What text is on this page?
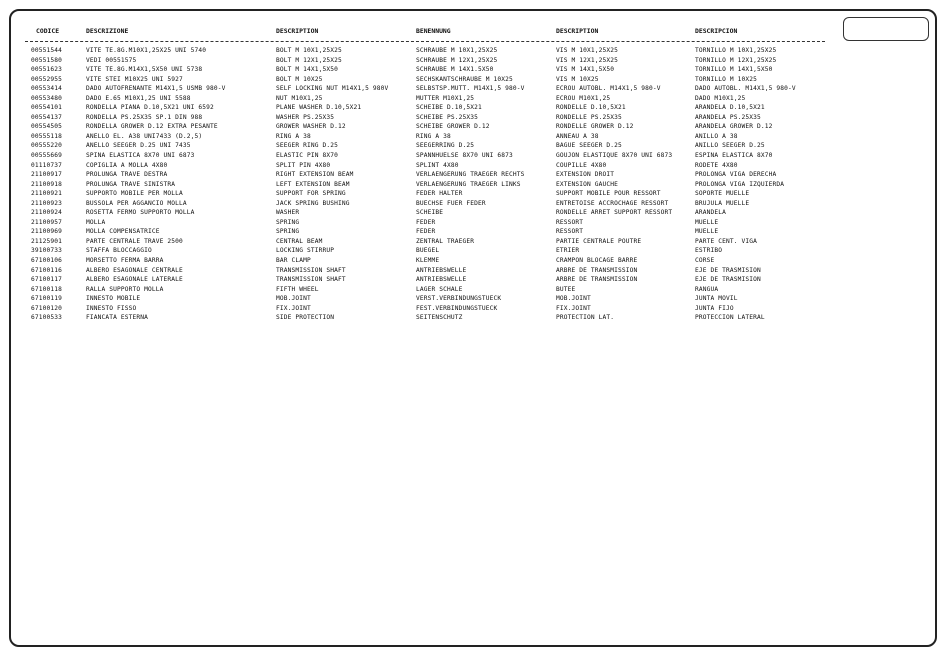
CODICE	DESCRIZIONE	DESCRIPTION	BENENNUNG	DESCRIPTION	DESCRIPCION
00551544	VITE TE.8G.M10X1,25X25 UNI 5740	BOLT M 10X1,25X25	SCHRAUBE M 10X1,25X25	VIS M 10X1,25X25	TORNILLO M 10X1,25X25
00551580	VEDI 00551575	BOLT M 12X1,25X25	SCHRAUBE M 12X1,25X25	VIS M 12X1,25X25	TORNILLO M 12X1,25X25
00551623	VITE TE.8G.M14X1,5X50 UNI 5738	BOLT M 14X1,5X50	SCHRAUBE M 14X1.5X50	VIS M 14X1,5X50	TORNILLO M 14X1,5X50
00552955	VITE STEI M10X25 UNI 5927	BOLT M 10X25	SECHSKANTSCHRAUBE M 10X25	VIS M 10X25	TORNILLO M 10X25
00553414	DADO AUTOFRENANTE M14X1,5 USMB 980-V	SELF LOCKING NUT M14X1,5 980V	SELBSTSP.MUTT. M14X1,5 980-V	ECROU AUTOBL. M14X1,5 980-V	DADO AUTOBL. M14X1,5 980-V
00553480	DADO E.65 M10X1,25 UNI 5588	NUT M10X1,25	MUTTER M10X1,25	ECROU M10X1,25	DADO M10X1,25
00554101	RONDELLA PIANA D.10,5X21 UNI 6592	PLANE WASHER D.10,5X21	SCHEIBE D.10,5X21	RONDELLE D.10,5X21	ARANDELA D.10,5X21
00554137	RONDELLA PS.25X35 SP.1 DIN 988	WASHER PS.25X35	SCHEIBE PS.25X35	RONDELLE PS.25X35	ARANDELA PS.25X35
00554505	RONDELLA GROWER D.12 EXTRA PESANTE	GROWER WASHER D.12	SCHEIBE GROWER D.12	RONDELLE GROWER D.12	ARANDELA GROWER D.12
00555118	ANELLO EL. A38 UNI7433 (D.2,5)	RING A 38	RING A 38	ANNEAU A 38	ANILLO A 38
00555220	ANELLO SEEGER D.25 UNI 7435	SEEGER RING D.25	SEEGERRING D.25	BAGUE SEEGER D.25	ANILLO SEEGER D.25
00555669	SPINA ELASTICA 8X70 UNI 6873	ELASTIC PIN 8X70	SPANNHUELSE 8X70 UNI 6873	GOUJON ELASTIQUE 8X70 UNI 6873	ESPINA ELASTICA 8X70
01110737	COPIGLIA A MOLLA 4X80	SPLIT PIN 4X80	SPLINT 4X80	COUPILLE 4X80	RODETE 4X80
21100917	PROLUNGA TRAVE DESTRA	RIGHT EXTENSION BEAM	VERLAENGERUNG TRAEGER RECHTS	EXTENSION DROIT	PROLONGA VIGA DERECHA
21100918	PROLUNGA TRAVE SINISTRA	LEFT EXTENSION BEAM	VERLAENGERUNG TRAEGER LINKS	EXTENSION GAUCHE	PROLONGA VIGA IZQUIERDA
21100921	SUPPORTO MOBILE PER MOLLA	SUPPORT FOR SPRING	FEDER HALTER	SUPPORT MOBILE POUR RESSORT	SOPORTE MUELLE
21100923	BUSSOLA PER AGGANCIO MOLLA	JACK SPRING BUSHING	BUECHSE FUER FEDER	ENTRETOISE ACCROCHAGE RESSORT	BRUJULA MUELLE
21100924	ROSETTA FERMO SUPPORTO MOLLA	WASHER	SCHEIBE	RONDELLE ARRET SUPPORT RESSORT	ARANDELA
21100957	MOLLA	SPRING	FEDER	RESSORT	MUELLE
21100969	MOLLA COMPENSATRICE	SPRING	FEDER	RESSORT	MUELLE
21125901	PARTE CENTRALE TRAVE 2500	CENTRAL BEAM	ZENTRAL TRAEGER	PARTIE CENTRALE POUTRE	PARTE CENT. VIGA
39100733	STAFFA BLOCCAGGIO	LOCKING STIRRUP	BUEGEL	ETRIER	ESTRIBO
67100106	MORSETTO FERMA BARRA	BAR CLAMP	KLEMME	CRAMPON BLOCAGE BARRE	CORSE
67100116	ALBERO ESAGONALE CENTRALE	TRANSMISSION SHAFT	ANTRIEBSWELLE	ARBRE DE TRANSMISSION	EJE DE TRASMISION
67100117	ALBERO ESAGONALE LATERALE	TRANSMISSION SHAFT	ANTRIEBSWELLE	ARBRE DE TRANSMISSION	EJE DE TRASMISION
67100118	RALLA SUPPORTO MOLLA	FIFTH WHEEL	LAGER SCHALE	BUTEE	RANGUA
67100119	INNESTO MOBILE	MOB.JOINT	VERST.VERBINDUNGSTUECK	MOB.JOINT	JUNTA MOVIL
67100120	INNESTO FISSO	FIX.JOINT	FEST.VERBINDUNGSTUECK	FIX.JOINT	JUNTA FIJO
67100533	FIANCATA ESTERNA	SIDE PROTECTION	SEITENSCHUTZ	PROTECTION LAT.	PROTECCION LATERAL
